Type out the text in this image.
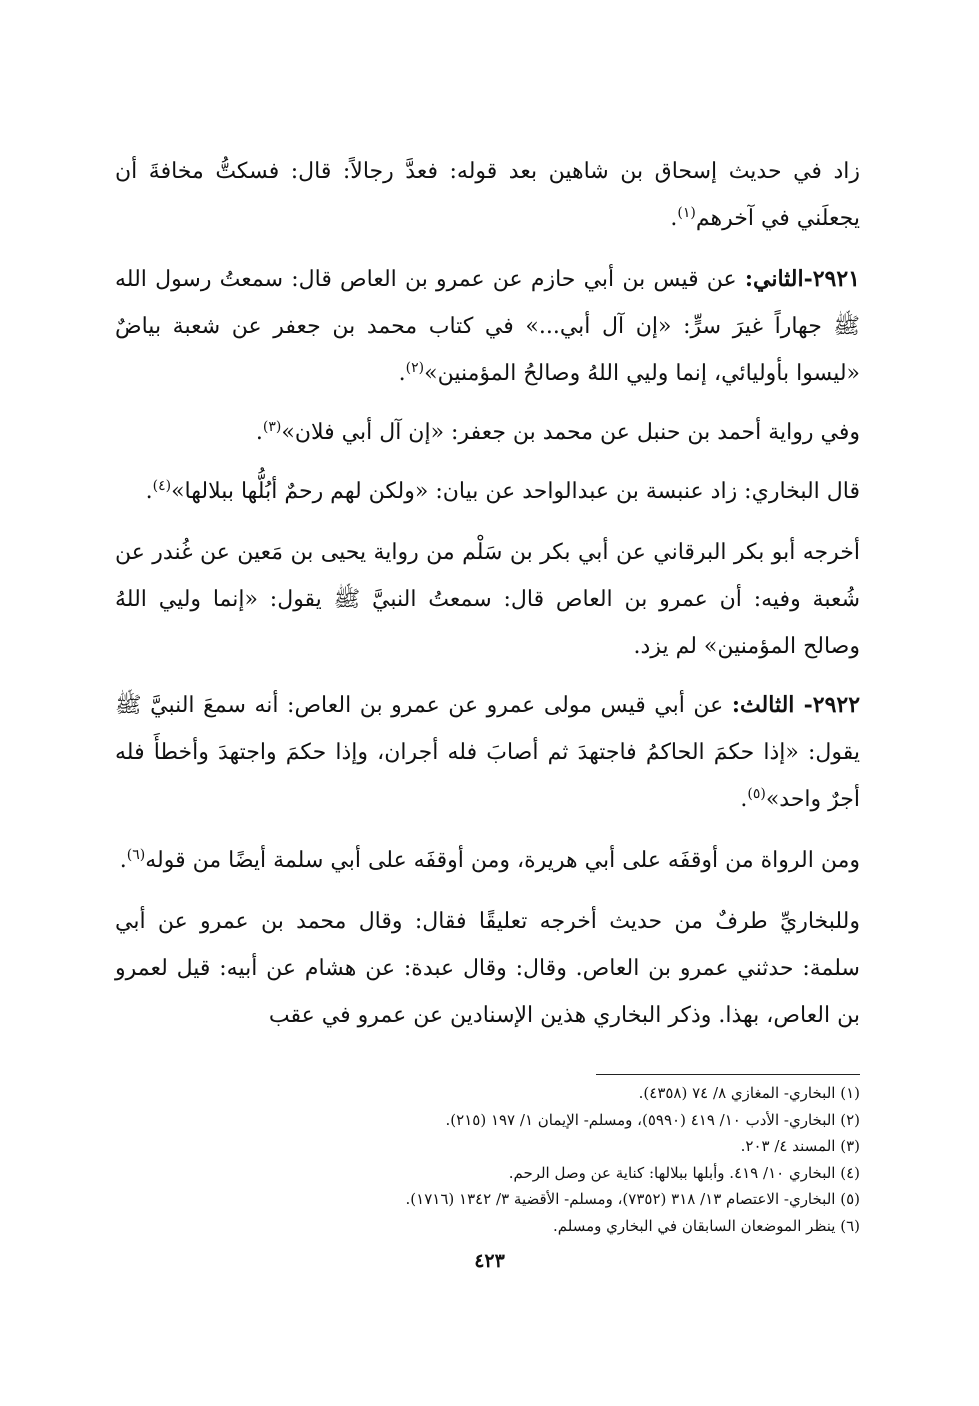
زاد في حديث إسحاق بن شاهين بعد قوله: فعدَّ رجالاً: قال: فسكتُّ مخافةَ أن يجعلَني في آخرهم$^{(١)}$.

٢٩٢١-الثاني: عن قيس بن أبي حازم عن عمرو بن العاص قال: سمعتُ رسول الله ﷺ جهاراً غيرَ سرٍّ: «إن آل أبي...» في كتاب محمد بن جعفر عن شعبة بياضٌ «ليسوا بأوليائي، إنما وليي اللهُ وصالحُ المؤمنين»$^{(٢)}$.

وفي رواية أحمد بن حنبل عن محمد بن جعفر: «إن آل أبي فلان»$^{(٣)}$.

قال البخاري: زاد عنبسة بن عبدالواحد عن بيان: «ولكن لهم رحمٌ أبُلُّها ببلالها»$^{(٤)}$.

أخرجه أبو بكر البرقاني عن أبي بكر بن سَلْم من رواية يحيى بن مَعين عن غُندر عن شُعبة وفيه: أن عمرو بن العاص قال: سمعتُ النبيَّ ﷺ يقول: «إنما وليي اللهُ وصالح المؤمنين» لم يزد.

٢٩٢٢- الثالث: عن أبي قيس مولى عمرو عن عمرو بن العاص: أنه سمعَ النبيَّ ﷺ يقول: «إذا حكمَ الحاكمُ فاجتهدَ ثم أصابَ فله أجران، وإذا حكمَ واجتهدَ وأخطأَ فله أجرٌ واحد»$^{(٥)}$.

ومن الرواة من أوقفَه على أبي هريرة، ومن أوقفَه على أبي سلمة أيضًا من قوله$^{(٦)}$.

وللبخاريِّ طرفٌ من حديث أخرجه تعليقًا فقال: وقال محمد بن عمرو عن أبي سلمة: حدثني عمرو بن العاص. وقال: وقال عبدة: عن هشام عن أبيه: قيل لعمرو بن العاص، بهذا. وذكر البخاري هذين الإسنادين عن عمرو في عقب

(١) البخاري- المغازي ٨/ ٧٤ (٤٣٥٨).

(٢) البخاري- الأدب ١٠/ ٤١٩ (٥٩٩٠)، ومسلم- الإيمان ١/ ١٩٧ (٢١٥).

(٣) المسند ٤/ ٢٠٣.

(٤) البخاري ١٠/ ٤١٩. وأبلها ببلالها: كناية عن وصل الرحم.

(٥) البخاري- الاعتصام ١٣/ ٣١٨ (٧٣٥٢)، ومسلم- الأقضية ٣/ ١٣٤٢ (١٧١٦).

(٦) ينظر الموضعان السابقان في البخاري ومسلم.

٤٢٣
